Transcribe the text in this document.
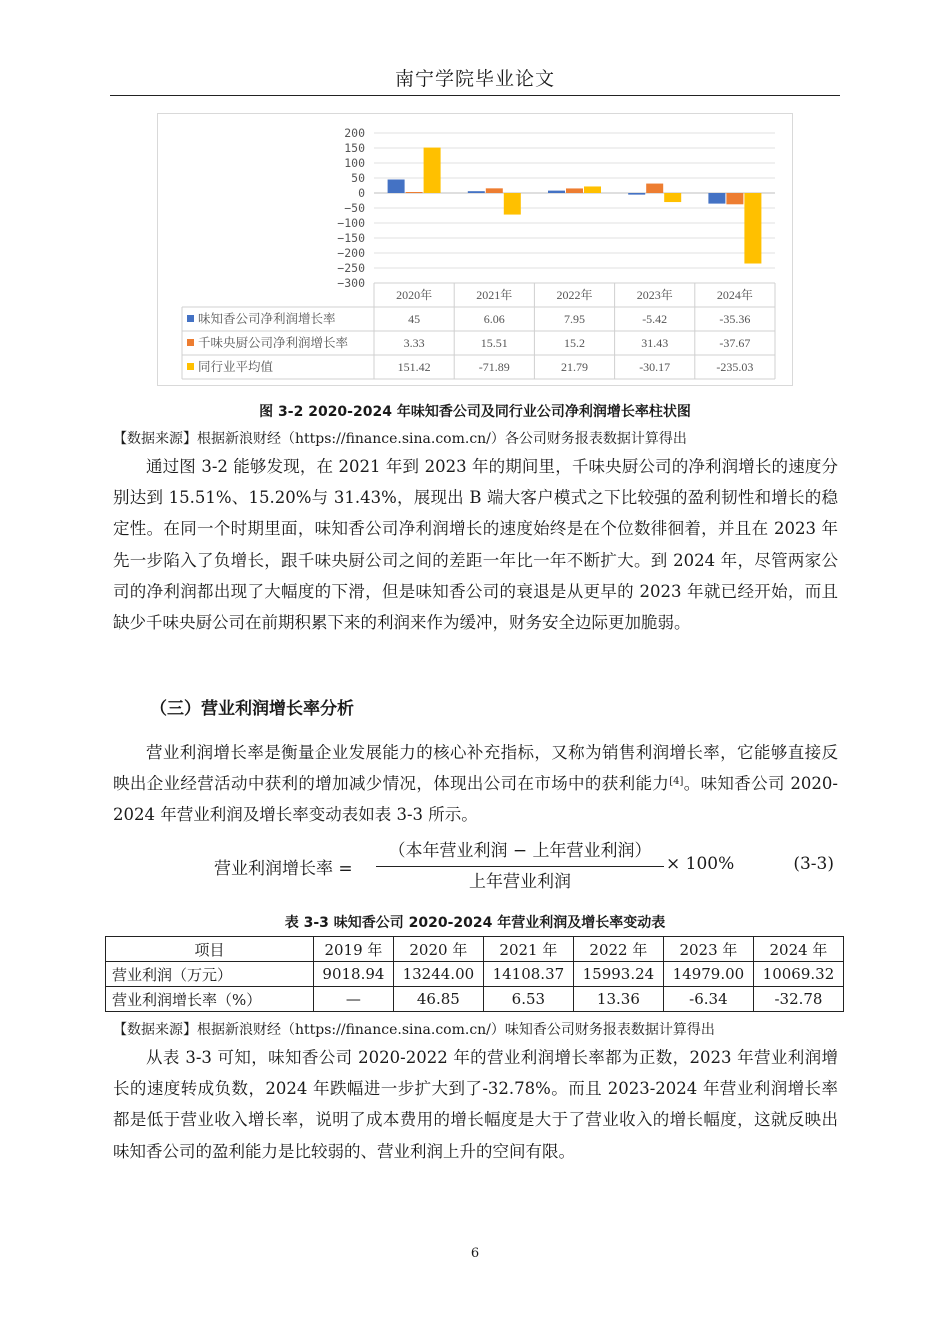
南宁学院毕业论文
200
150
100
50
0
−50
−100
−150
−200
−250
−300
2020年	2021年	2022年	2023年	2024年
味知香公司净利润增长率	45	6.06	7.95	-5.42	-35.36
千味央厨公司净利润增长率	3.33	15.51	15.2	31.43	-37.67
同行业平均值	151.42	-71.89	21.79	-30.17	-235.03
图 3-2 2020-2024 年味知香公司及同行业公司净利润增长率柱状图
【数据来源】根据新浪财经（https://finance.sina.com.cn/）各公司财务报表数据计算得出

通过图 3-2 能够发现，在 2021 年到 2023 年的期间里，千味央厨公司的净利润增长的速度分别达到 15.51%、15.20%与 31.43%，展现出 B 端大客户模式之下比较强的盈利韧性和增长的稳定性。在同一个时期里面，味知香公司净利润增长的速度始终是在个位数徘徊着，并且在 2023 年先一步陷入了负增长，跟千味央厨公司之间的差距一年比一年不断扩大。到 2024 年，尽管两家公司的净利润都出现了大幅度的下滑，但是味知香公司的衰退是从更早的 2023 年就已经开始，而且缺少千味央厨公司在前期积累下来的利润来作为缓冲，财务安全边际更加脆弱。

（三）营业利润增长率分析

营业利润增长率是衡量企业发展能力的核心补充指标，又称为销售利润增长率，它能够直接反映出企业经营活动中获利的增加减少情况，体现出公司在市场中的获利能力[4]。味知香公司 2020-2024 年营业利润及增长率变动表如表 3-3 所示。

营业利润增长率 =
（本年营业利润 − 上年营业利润）
上年营业利润
× 100%	(3-3)
表 3-3 味知香公司 2020-2024 年营业利润及增长率变动表
项目	2019 年	2020 年	2021 年	2022 年	2023 年	2024 年
营业利润（万元）	9018.94	13244.00	14108.37	15993.24	14979.00	10069.32
营业利润增长率（%）	—	46.85	6.53	13.36	-6.34	-32.78
【数据来源】根据新浪财经（https://finance.sina.com.cn/）味知香公司财务报表数据计算得出

从表 3-3 可知，味知香公司 2020-2022 年的营业利润增长率都为正数，2023 年营业利润增长的速度转成负数，2024 年跌幅进一步扩大到了-32.78%。而且 2023-2024 年营业利润增长率都是低于营业收入增长率，说明了成本费用的增长幅度是大于了营业收入的增长幅度，这就反映出味知香公司的盈利能力是比较弱的、营业利润上升的空间有限。

6
